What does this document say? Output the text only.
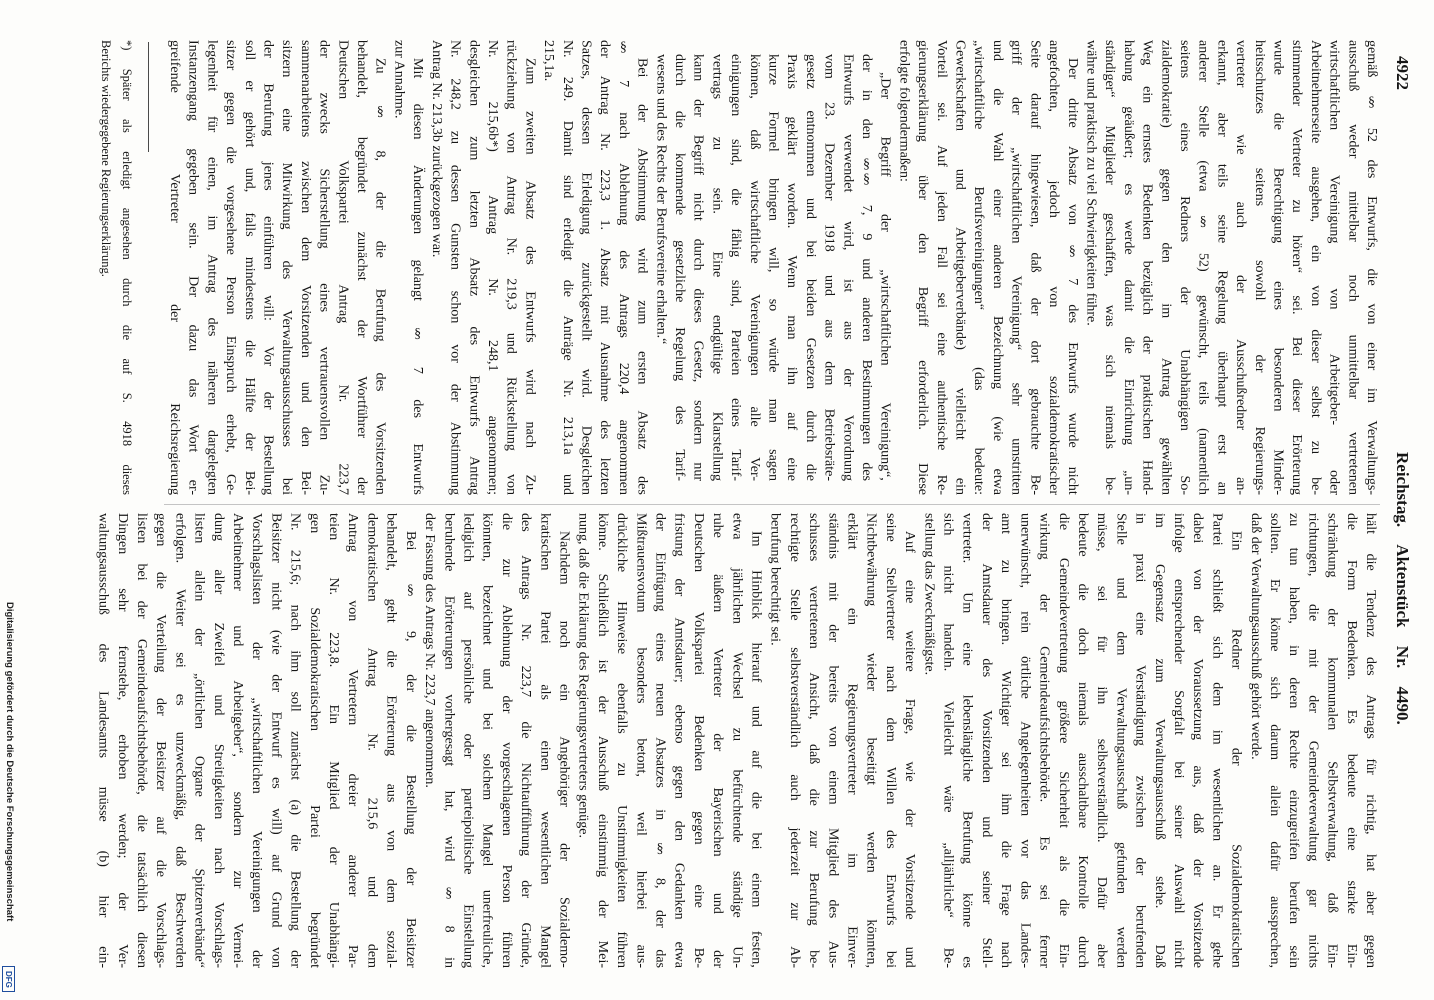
4922
Reichstag. Aktenstück Nr. 4490.
gemäß § 52 des Entwurfs, die von einer im Verwaltungs-
ausschuß weder mittelbar noch unmittelbar vertretenen
wirtschaftlichen Vereinigung von Arbeitgeber- oder
Arbeitnehmerseite ausgehen, ein von dieser selbst zu be-
stimmender Vertreter zu hören“ sei. Bei dieser Erörterung
wurde die Berechtigung eines besonderen Minder-
heitsschutzes seitens sowohl der Regierungs-
vertreter wie auch der Ausschußredner an-
erkannt, aber teils seine Regelung überhaupt erst an
anderer Stelle (etwa § 52) gewünscht, teils (namentlich
seitens eines Redners der Unabhängigen So-
zialdemokratie) gegen den im Antrag gewählten
Weg ein ernstes Bedenken bezüglich der praktischen Hand-
habung geäußert; es werde damit die Einrichtung „un-
ständiger“ Mitglieder geschaffen, was sich niemals be-
währe und praktisch zu viel Schwierigkeiten führe.
Der dritte Absatz von § 7 des Entwurfs wurde nicht
angefochten, jedoch von sozialdemokratischer
Seite darauf hingewiesen, daß der dort gebrauchte Be-
griff der „wirtschaftlichen Vereinigung“ sehr umstritten
und die Wahl einer anderen Bezeichnung (wie etwa
„wirtschaftliche Berufsvereinigungen“ (das bedeute:
Gewerkschaften und Arbeitgeberverbände) vielleicht ein
Vorteil sei. Auf jeden Fall sei eine authentische Re-
gierungserklärung über den Begriff erforderlich. Diese
erfolgte folgendermaßen:
„Der Begriff der „wirtschaftlichen Vereinigung“,
der in den §§ 7, 9 und anderen Bestimmungen des
Entwurfs verwendet wird, ist aus der Verordnung
vom 23. Dezember 1918 und aus dem Betriebsräte-
gesetz entnommen und bei beiden Gesetzen durch die
Praxis geklärt worden. Wenn man ihn auf eine
kurze Formel bringen will, so würde man sagen
können, daß wirtschaftliche Vereinigungen alle Ver-
einigungen sind, die fähig sind, Parteien eines Tarif-
vertrags zu sein. Eine endgültige Klarstellung
kann der Begriff nicht durch dieses Gesetz, sondern nur
durch die kommende gesetzliche Regelung des Tarif-
wesens und des Rechts der Berufsvereine erhalten.“
Bei der Abstimmung wird zum ersten Absatz des
§ 7 nach Ablehnung des Antrags 220,4 angenommen
der Antrag Nr. 223,3 1. Absatz mit Ausnahme des letzten
Satzes, dessen Erledigung zurückgestellt wird. Desgleichen
Nr. 249. Damit sind erledigt die Anträge Nr. 213,1a und
215,1a.
Zum zweiten Absatz des Entwurfs wird nach Zu-
rückziehung von Antrag Nr. 219,3 und Rückstellung von
Nr. 215,6b*) Antrag Nr. 248,1 angenommen;
desgleichen zum letzten Absatz des Entwurfs Antrag
Nr. 248,2 zu dessen Gunsten schon vor der Abstimmung
Antrag Nr. 213,3b zurückgezogen war.
Mit diesen Änderungen gelangt § 7 des Entwurfs
zur Annahme.
Zu § 8, der die Berufung des Vorsitzenden
behandelt, begründet zunächst der Wortführer der
Deutschen Volkspartei Antrag Nr. 223,7
der zwecks Sicherstellung eines vertrauensvollen Zu-
sammenarbeitens zwischen dem Vorsitzenden und den Bei-
sitzern eine Mitwirkung des Verwaltungsausschusses bei
der Berufung jenes einführen will: Vor der Bestellung
soll er gehört und, falls mindestens die Hälfte der Bei-
sitzer gegen die vorgesehene Person Einspruch erhebt, Ge-
legenheit für einen, im Antrag des näheren dargelegten
Instanzengang gegeben sein. Der dazu das Wort er-
greifende Vertreter der Reichsregierung
hält die Tendenz des Antrags für richtig, hat aber gegen
die Form Bedenken. Es bedeute eine starke Ein-
schränkung der kommunalen Selbstverwaltung, daß Ein-
richtungen, die mit der Gemeindeverwaltung gar nichts
zu tun haben, in deren Rechte einzugreifen berufen sein
sollten. Er könne sich darum allein dafür aussprechen,
daß der Verwaltungsausschuß gehört werde.
Ein Redner der Sozialdemokratischen
Partei schließt sich dem im wesentlichen an. Er gehe
dabei von der Voraussetzung aus, daß der Vorsitzende
infolge entsprechender Sorgfalt bei seiner Auswahl nicht
im Gegensatz zum Verwaltungsausschuß stehe. Daß
in praxi eine Verständigung zwischen der berufenden
Stelle und dem Verwaltungsausschuß gefunden werden
müsse, sei für ihn selbstverständlich. Dafür aber
bedeute die doch niemals ausschaltbare Kontrolle durch
die Gemeindevertretung größere Sicherheit als die Ein-
wirkung der Gemeindeaufsichtsbehörde. Es sei ferner
unerwünscht, rein örtliche Angelegenheiten vor das Landes-
amt zu bringen. Wichtiger sei ihm die Frage nach
der Amtsdauer des Vorsitzenden und seiner Stell-
vertreter. Um eine lebenslängliche Berufung könne es
sich nicht handeln. Vielleicht wäre „alljährliche“ Be-
stellung das Zweckmäßigste.
Auf eine weitere Frage, wie der Vorsitzende und
seine Stellvertreter nach dem Willen des Entwurfs bei
Nichtbewährung wieder beseitigt werden könnten,
erklärt ein Regierungsvertreter im Einver-
ständnis mit der bereits von einem Mitglied des Aus-
schusses vertretenen Ansicht, daß die zur Berufung be-
rechtigte Stelle selbstverständlich auch jederzeit zur Ab-
berufung berechtigt sei.
Im Hinblick hierauf und auf die bei einem festen,
etwa jährlichen Wechsel zu befürchtende ständige Un-
ruhe äußern Vertreter der Bayerischen und der
Deutschen Volkspartei Bedenken gegen eine Be-
fristung der Amtsdauer; ebenso gegen den Gedanken etwa
der Einfügung eines neuen Absatzes in § 8, der das
Mißtrauensvotum besonders betont, weil hierbei aus-
drückliche Hinweise ebenfalls zu Unstimmigkeiten führen
könne. Schließlich ist der Ausschuß einstimmig der Mei-
nung, daß die Erklärung des Regierungsvertreters genüge.
Nachdem noch ein Angehöriger der Sozialdemo-
kratischen Partei als einen wesentlichen Mangel
des Antrags Nr. 223,7 die Nichtaufführung der Gründe,
die zur Ablehnung der vorgeschlagenen Person führen
könnten, bezeichnet und bei solchem Mangel unerfreuliche,
lediglich auf persönliche oder parteipolitische Einstellung
beruhende Erörterungen vorhergesagt hat, wird § 8 in
der Fassung des Antrags Nr. 223,7 angenommen.
Bei § 9, der die Bestellung der Beisitzer
behandelt, geht die Erörterung aus von dem sozial-
demokratischen Antrag Nr. 215,6 und dem
Antrag von Vertretern dreier anderer Par-
teien Nr. 223,8. Ein Mitglied der Unabhängi-
gen Sozialdemokratischen Partei begründet
Nr. 215,6; nach ihm soll zunächst (a) die Bestellung der
Beisitzer nicht (wie der Entwurf es will) auf Grund von
Vorschlagslisten der „wirtschaftlichen Vereinigungen der
Arbeitnehmer und Arbeitgeber“, sondern zur Vermei-
dung aller Zweifel und Streitigkeiten nach Vorschlags-
listen allein der „örtlichen Organe der Spitzenverbände“
erfolgen. Weiter sei es unzweckmäßig, daß Beschwerden
gegen die Verteilung der Beisitzer auf die Vorschlags-
listen bei der Gemeindeaufsichtsbehörde, die tatsächlich diesen
Dingen sehr fernstehe, erhoben werden; der Ver-
waltungsausschuß des Landesamts müsse (b) hier ein-
*) Später als erledigt angesehen durch die auf S. 4918 dieses
Berichts wiedergegebene Regierungserklärung.
Digitalisierung gefördert durch die Deutsche Forschungsgemeinschaft
DFG
